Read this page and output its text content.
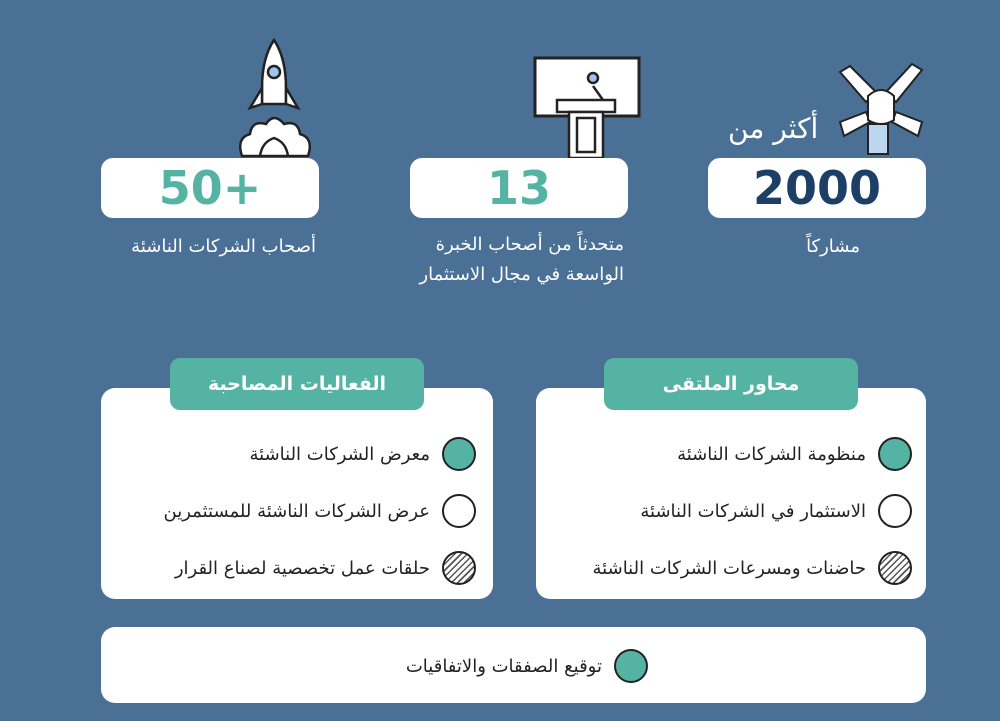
أكثر من
2000
مشاركاً
13
متحدثاً من أصحاب الخبرة الواسعة في مجال الاستثمار
50+
أصحاب الشركات الناشئة
محاور الملتقى
منظومة الشركات الناشئة
الاستثمار في الشركات الناشئة
حاضنات ومسرعات الشركات الناشئة
الفعاليات المصاحبة
معرض الشركات الناشئة
عرض الشركات الناشئة للمستثمرين
حلقات عمل تخصصية لصناع القرار
توقيع الصفقات والاتفاقيات
